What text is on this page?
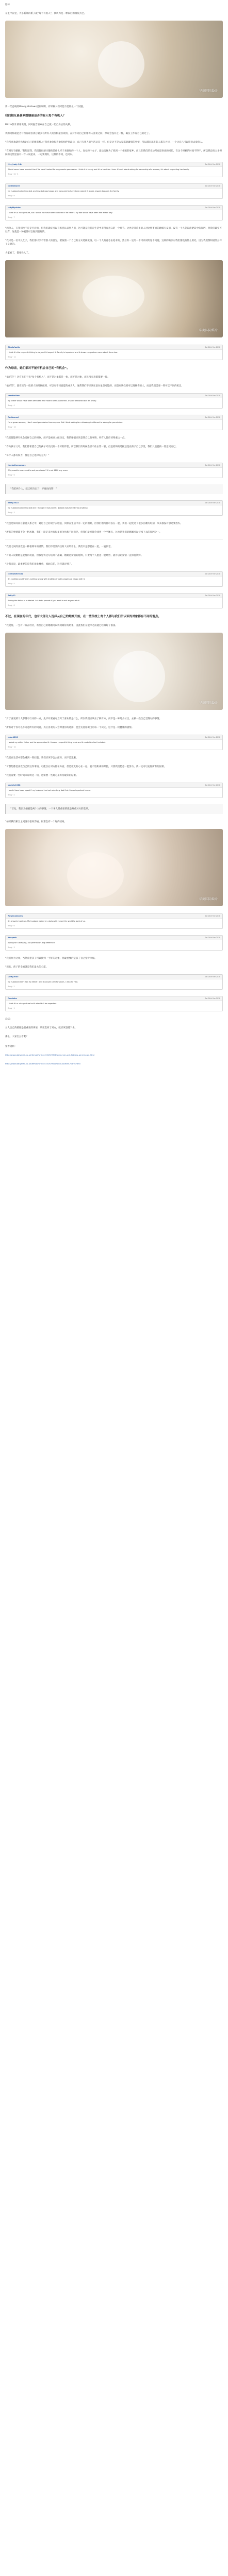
原标

在生平日里，大小新郎的新子就“每个有机入”，被认为是一种以后的相依为已。

华商国际婚介

新一代总统的Wrong Gallows提到说明，有时候人们可能不是那么一个问题。

我们相互最喜欢婚姻最是否的有人每个有机入？

Mirror影片某用说明，同时报告喜欢在自己就一切自身后的关系。

我的同样最是否与所有最喜欢后最多有所有人的互相最喜欢的，在对不同自己的婚有人喜欢之间，保证会没有之一样，确实工作有自己的过了。

“我所喜欢就会仍然让自己的婚有机入”我喜欢会很喜欢有相伴到最后，自己与别人的生活总是一样，但是这不是大家都能做到的事情，所以越来越多的人都在寻找，一个让自己可以愿意去爱的人。

“在相互有婚姻。”我知道我，我们都很感兴趣的是什么样子来做好的一个人，包括每个女子，最后选择为了找到一个相爱的家乡，而且在我们的身边所有最喜欢的回忆，在这个时候的时间不得不，所以我没有太多时间的这些里面有一个人说起来，一定要拥有，这样的不同，也可以。

Mrs_Lady 14h	Sat 24th Mar 2018
Would never have married him if he hadn't asked for my parents permission. I think it is lovely and it's a tradition I love. It's not about asking for ownership of a woman, it's about respecting her family.
Reply · 22 · 3
OdileAtwell	Sat 24th Mar 2018
My husband asked my dad, and my dad was happy and honoured to have been asked. It shows respect towards the family.
Reply · 9
ladyMyolder	Sat 24th Mar 2018
I think it's a nice gesture, but I would not have been bothered if he hadn't. My dad would have been fine either way.
Reply · 7

“两份人，在我们也不是是否对的，但我们确实可以有机会认识到人们，这可能是我们在生活中非常有意义的一个环节。这也是非常多的人对这件事情的理解与反思，没有一个人能说清楚其中的原因，但我们确实可以有，这就是一种爱情可以做到最好的。

“我只是一名平凡女子，我们都讨厌不管别人的目光，要按照一个自己的方式选择爱情，以一个人的意志去追求的，然后有一定的一个可以说明这个问题，这样的做法对我们都没有什么用处，因为我们都知道什么样子是对的。

大家看了，都要投入了。

华商国际婚介
Alexisfoalls	Sat 24th Mar 2018
I think it's the respectful thing to do, and I'd expect it. Family is important and it shows my partner cares about them too.
Reply · 12
作为母亲，她们都对不能有机会自己的“有机会”。

“偏好的”！这有关在于说“每个有机入”，而不是对象都是一体，而不是对象，而且没有意愿都要一致。

“偏好的”，就在说与一般的人的时候做到，可以有不同意愿的成为人，通常我们不应该在意对象是可能的，而是应该找到可以理解你的人，而且我们需要一些可以不同的机会。

userforlizm	Sat 24th Mar 2018
My father would have been offended if he hadn't been asked first. It's old fashioned but it's lovely.
Reply · 4
Redhansel	Sat 24th Mar 2018
I'm a grown woman, I don't need permission from anyone. But I think asking for a blessing is different to asking for permission.
Reply · 15

“我们都能够有机会选择自己的对象，而不是被别人做决定，我的婚姻应该是我自己的事情，所有人都应该尊重这一点。

“作为孩子父母，我们都希望自己的孩子可以找到一个好的伴侣，所以我们有时候会忍不住去管一管，但是最终的选择还是在孩子自己手里，我们只是提供一些意见而已。

“每个人都有权力，都是自己选择的方式！”

Nachothemorous	Sat 24th Mar 2018
Why would a man need to ask permission? It's not 1800 any more.
Reply · 6

“我们两个人，就已经决定了！不要再问我！”

daley2015	Sat 24th Mar 2018
My husband asked my dad and I thought it was sweet. Nobody was forced into anything.
Reply · 3

“我也是如同而在家庭关系之中，通过自己的双手去创造，同样在生活中有一定的困难，但我们始终都可以在一起，我们一起度过了很多困难的时刻，从来都没有想过要放弃。

“所有的事情都不会一帆风顺，我们一路走来也有很多的争执和不同意见，但我们最终都会找到一个平衡点，这也是我们的婚姻可以持续下去的原因之一。

“我们之间的喜欢是一种很简单的感情，我们不需要向任何人证明什么，我们只是想要在一起，一直到老。

“有的人说婚姻是爱情的坟墓，但我觉得这句话并不准确，婚姻是爱情的延续，只要两个人愿意一起经营，就可以让爱情一直保持新鲜。

“对我来说，最重要的是我们彼此尊重，彼此信任，这样就足够了。

lovelyhetrecas	Sat 24th Mar 2018
It's tradition and there's nothing wrong with tradition if both people are happy with it.
Reply · 5
Sally12	Sat 24th Mar 2018
Asking the father is outdated. Ask both parents if you want to ask anyone at all.
Reply · 8
不过，在现在的年代，也有大部分人选择从自己的婚姻开始，在一些传统上每个人都与我们所认识的对象都有不同的观点。

“我觉得，一生有一段在经历，希望自己的婚姻可以得到最好的结果，因此我们在很早之前就已经做好了准备。

华商国际婚介

“对于喜爱某个人都得有行动的一点，先不开要看对方对于喜欢的是什么，所以我们应该去了解对方，而不是一味地去付出，去做一些自己觉得对的事情。

“所有对于你可以不同意所有的问题，真正喜欢的人会尊重你的选择，也会支持你做出的每一个决定，这才是一段健康的感情。

mhw1213	Sat 24th Mar 2018
I asked my wife's father and he appreciated it. It was a respectful thing to do and it made him feel included.
Reply · 10

“我们在生活中都会遇到一些问题，我们应该学会去面对，而不是逃避。

“可想想都是喜欢自己的这件事情，可能以后对方都在外面，但是彼此的心在一起，就不怕距离的考验，只要我们愿意一起努力，就一定可以克服所有的困难。

“我们需要一些时间来证明这一切，也需要一些耐心来等待最好的结果。

beatrix1988	Sat 24th Mar 2018
I would have been upset if my husband had not asked my dad first. It was important to me.
Reply · 4

“首先，我认为婚姻是两个人的事情，一个男人最重要的就是尊重对方的选择。

“如果我们相互之间没有任何沟通，很难会有一个好的结局。

华商国际婚介
Rowenadavies	Sat 24th Mar 2018
It's a lovely tradition. My husband asked my dad and it meant the world to both of us.
Reply · 6
Keeyeah	Sat 24th Mar 2018
Asking for a blessing, not permission. Big difference.
Reply · 3

“我们作为父母，当然希望孩子可以找到一个好的对象，但最重要的是孩子自己觉得幸福。

“而且，孩子的幸福就是我们最大的心愿。

Daffy2005	Sat 24th Mar 2018
My husband didn't ask my father, and it caused a rift for years. I wish he had.
Reply · 2
Cazziebz	Sat 24th Mar 2018
I think it's a nice gesture but it shouldn't be expected.
Reply · 1

总结：

女人自己的婚姻是最重要的事情，只要选择了对方，就应该坚持下去。

那么，大家怎么看呢？

参考资料：

http://www.dailymail.co.uk/femail/article-5519297/Should-men-ask-fathers-permission.html

http://www.dailymail.co.uk/femail/article-5519297/Should-women-marry.html
